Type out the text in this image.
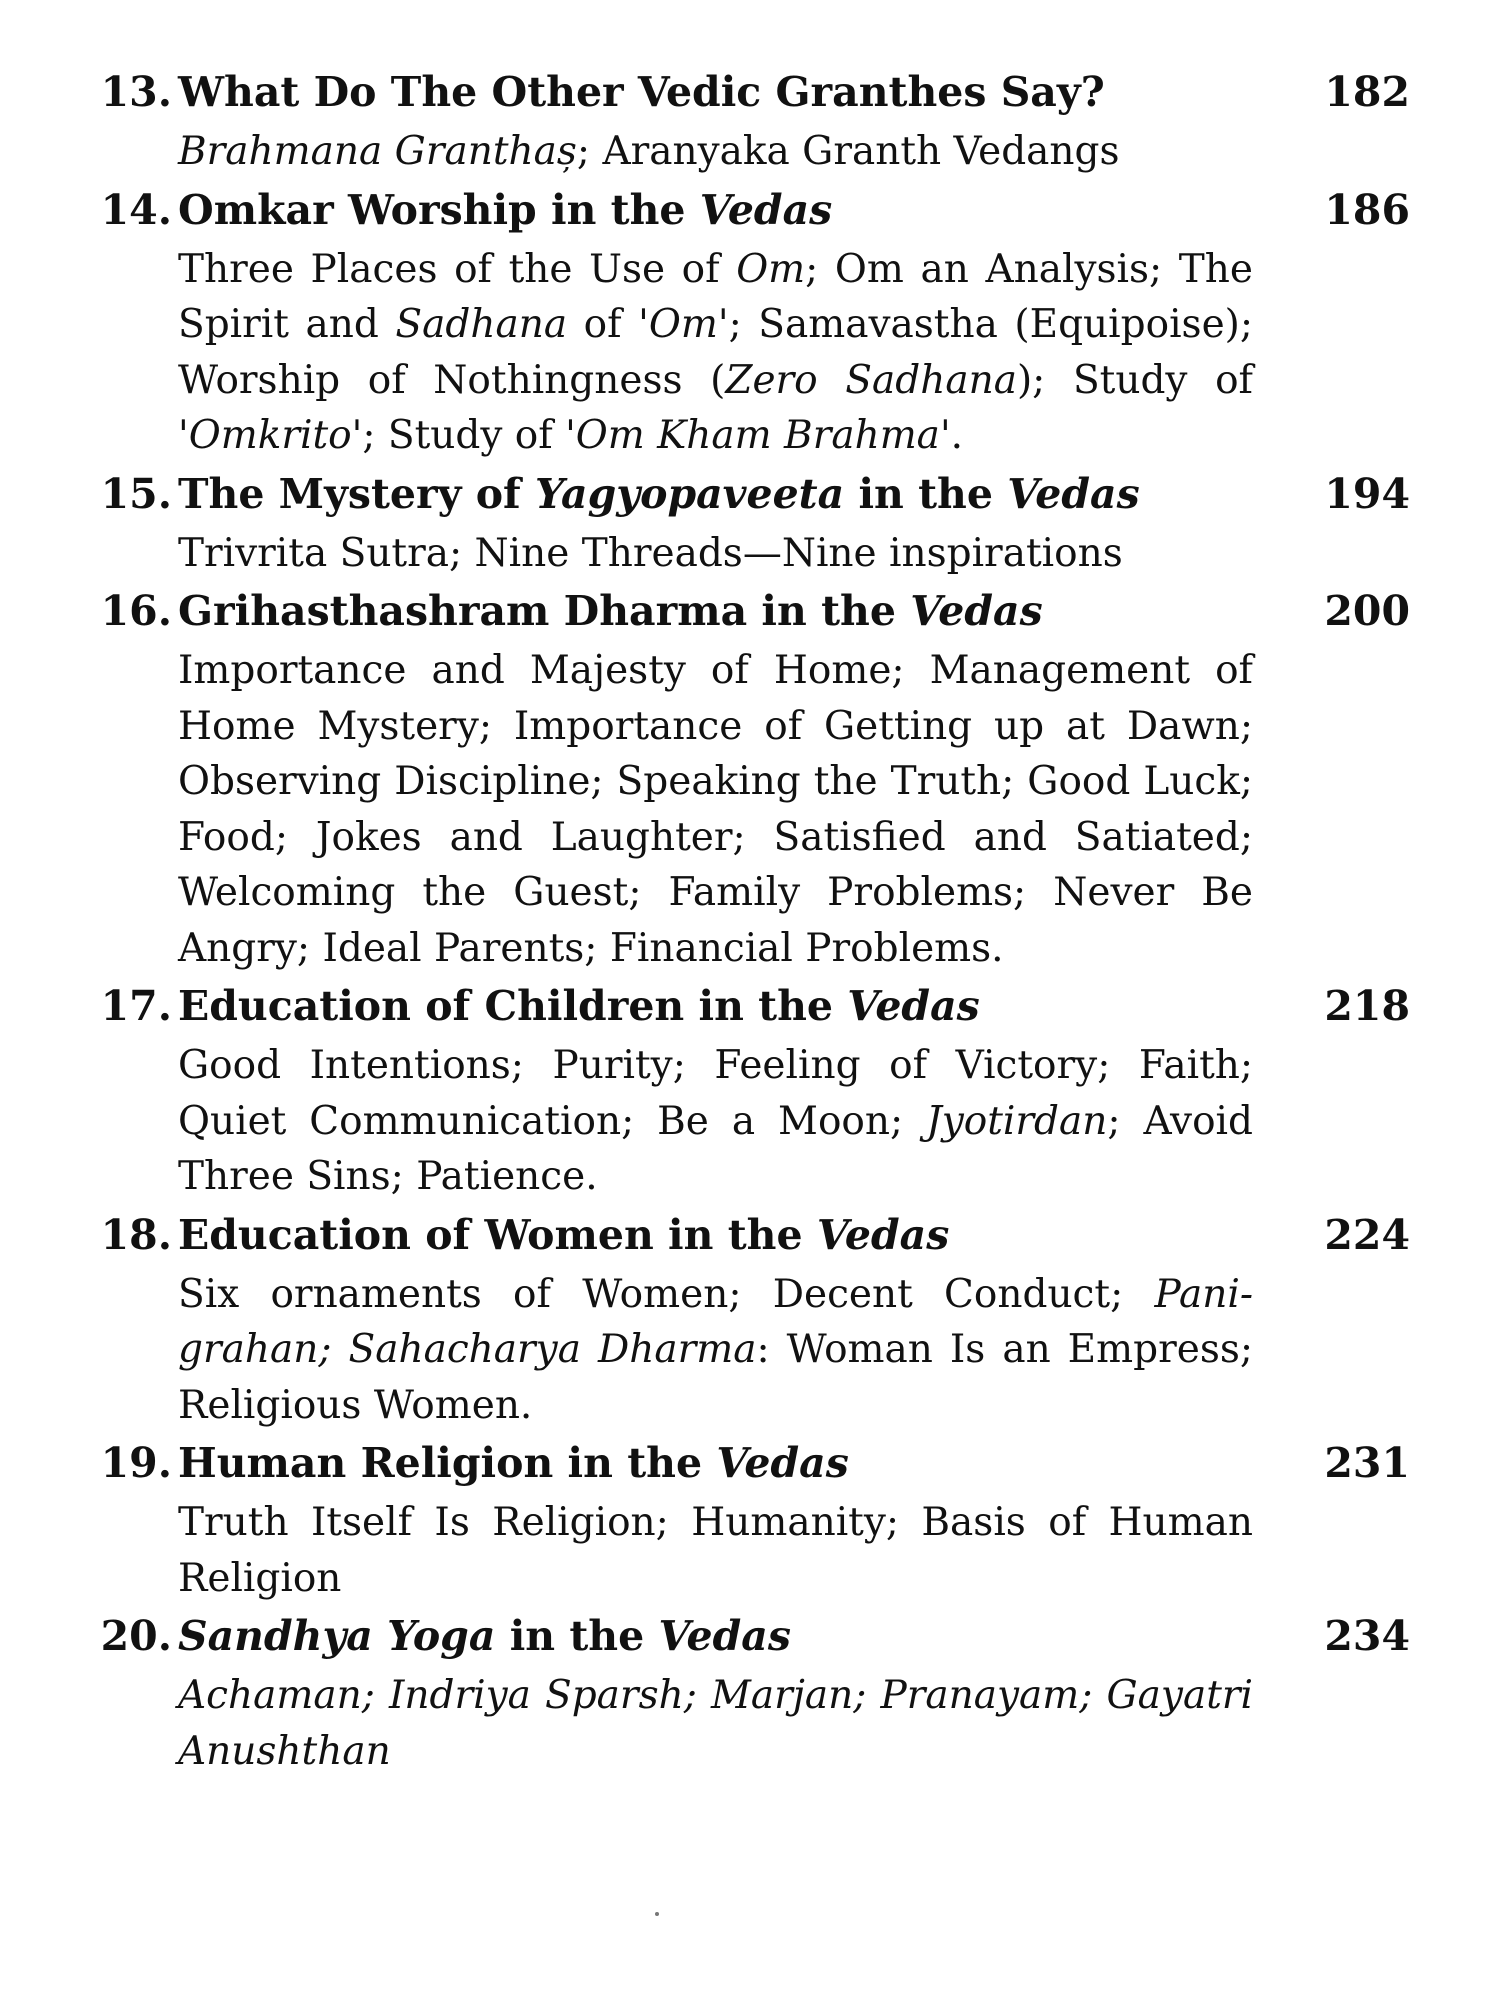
13. What Do The Other Vedic Granthes Say?	182
Brahmana Granthaș; Aranyaka Granth Vedangs
14. Omkar Worship in the Vedas	186
Three Places of the Use of Om; Om an Analysis; The Spirit and Sadhana of 'Om'; Samavastha (Equipoise); Worship of Nothingness (Zero Sadhana); Study of 'Omkrito'; Study of 'Om Kham Brahma'.
15. The Mystery of Yagyopaveeta in the Vedas	194
Trivrita Sutra; Nine Threads—Nine inspirations
16. Grihasthashram Dharma in the Vedas	200
Importance and Majesty of Home; Management of Home Mystery; Importance of Getting up at Dawn; Observing Discipline; Speaking the Truth; Good Luck; Food; Jokes and Laughter; Satisfied and Satiated; Welcoming the Guest; Family Problems; Never Be Angry; Ideal Parents; Financial Problems.
17. Education of Children in the Vedas	218
Good Intentions; Purity; Feeling of Victory; Faith; Quiet Communication; Be a Moon; Jyotirdan; Avoid Three Sins; Patience.
18. Education of Women in the Vedas	224
Six ornaments of Women; Decent Conduct; Pani-grahan; Sahacharya Dharma: Woman Is an Empress; Religious Women.
19. Human Religion in the Vedas	231
Truth Itself Is Religion; Humanity; Basis of Human Religion
20. Sandhya Yoga in the Vedas	234
Achaman; Indriya Sparsh; Marjan; Pranayam; Gayatri Anushthan
